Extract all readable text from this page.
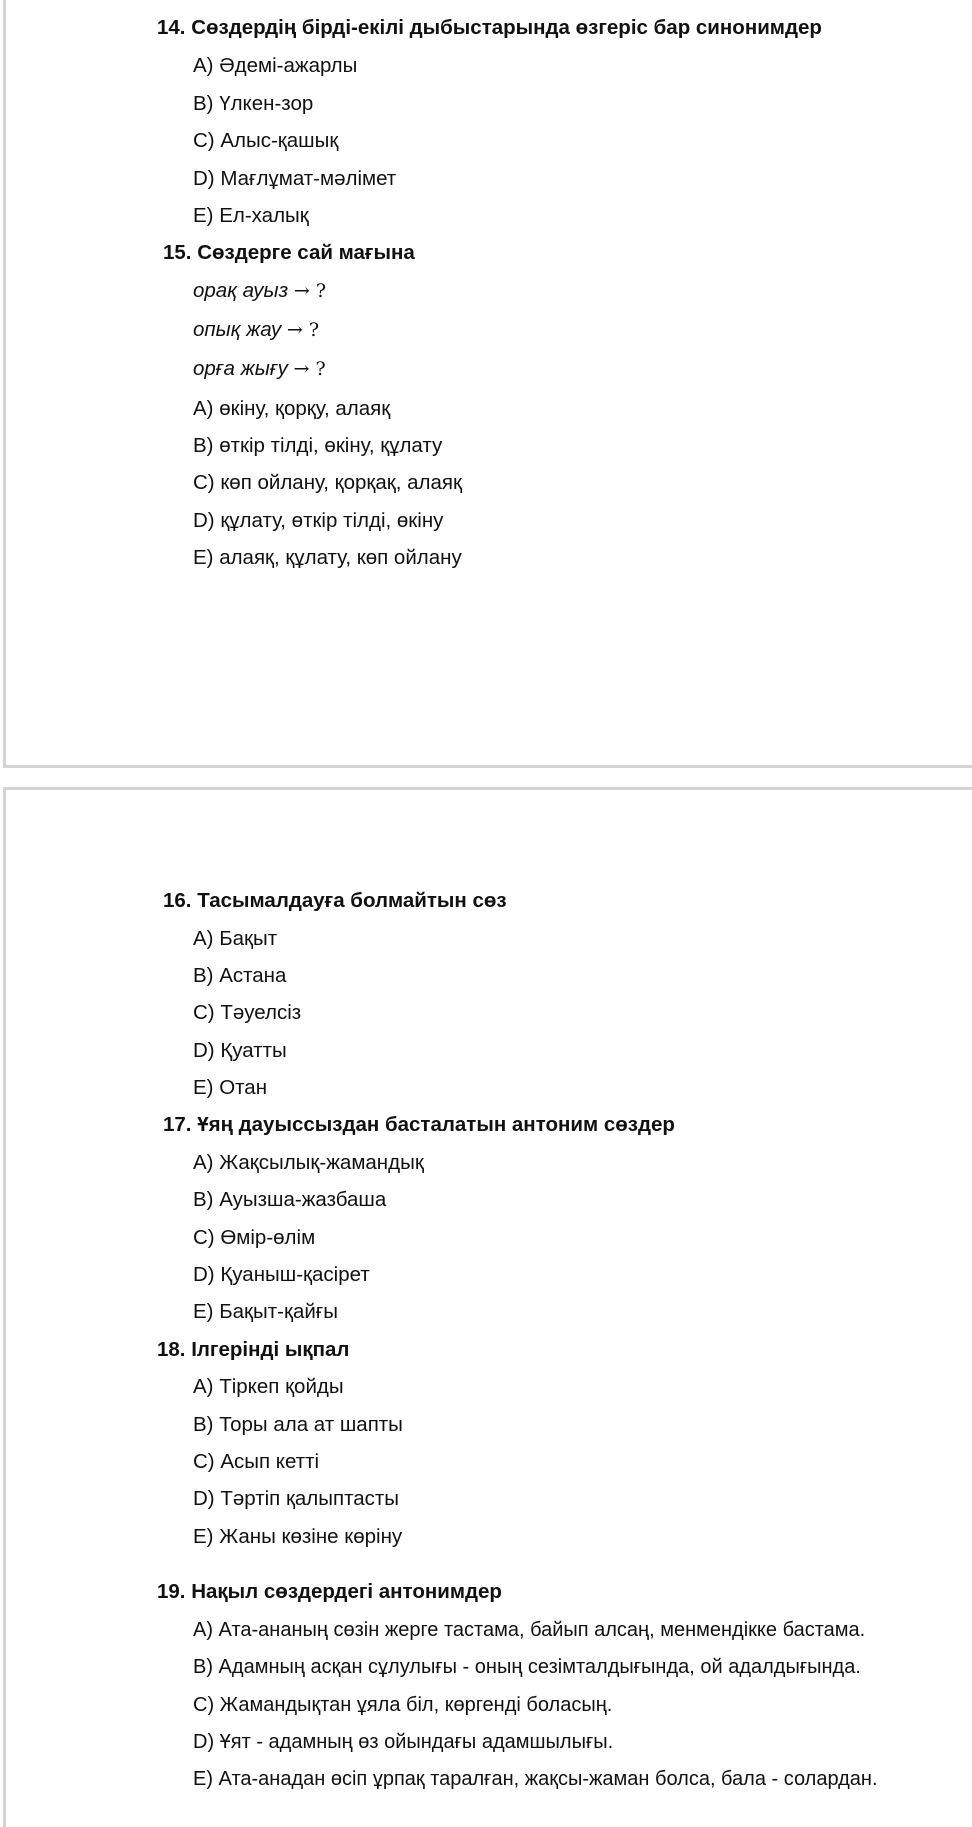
14. Сөздердің бірді-екілі дыбыстарында өзгеріс бар синонимдер

A) Әдемі-ажарлы

B) Үлкен-зор

C) Алыс-қашық

D) Мағлұмат-мәлімет

E) Ел-халық

15. Сөздерге сай мағына

орақ ауыз → ?

опық жау → ?

орға жығу → ?

A) өкіну, қорқу, алаяқ

B) өткір тілді, өкіну, құлату

C) көп ойлану, қорқақ, алаяқ

D) құлату, өткір тілді, өкіну

E) алаяқ, құлату, көп ойлану

16. Тасымалдауға болмайтын сөз

A) Бақыт

B) Астана

C) Тәуелсіз

D) Қуатты

E) Отан

17. Ұяң дауыссыздан басталатын антоним сөздер

A) Жақсылық-жамандық

B) Ауызша-жазбаша

C) Өмір-өлім

D) Қуаныш-қасірет

E) Бақыт-қайғы

18. Ілгерінді ықпал

A) Тіркеп қойды

B) Торы ала ат шапты

C) Асып кетті

D) Тәртіп қалыптасты

E) Жаны көзіне көріну

19. Нақыл сөздердегі антонимдер

A) Ата-ананың сөзін жерге тастама, байып алсаң, менмендікке бастама.

B) Адамның асқан сұлулығы - оның сезімталдығында, ой адалдығында.

C) Жамандықтан ұяла біл, көргенді боласың.

D) Ұят - адамның өз ойындағы адамшылығы.

E) Ата-анадан өсіп ұрпақ таралған, жақсы-жаман болса, бала - солардан.
